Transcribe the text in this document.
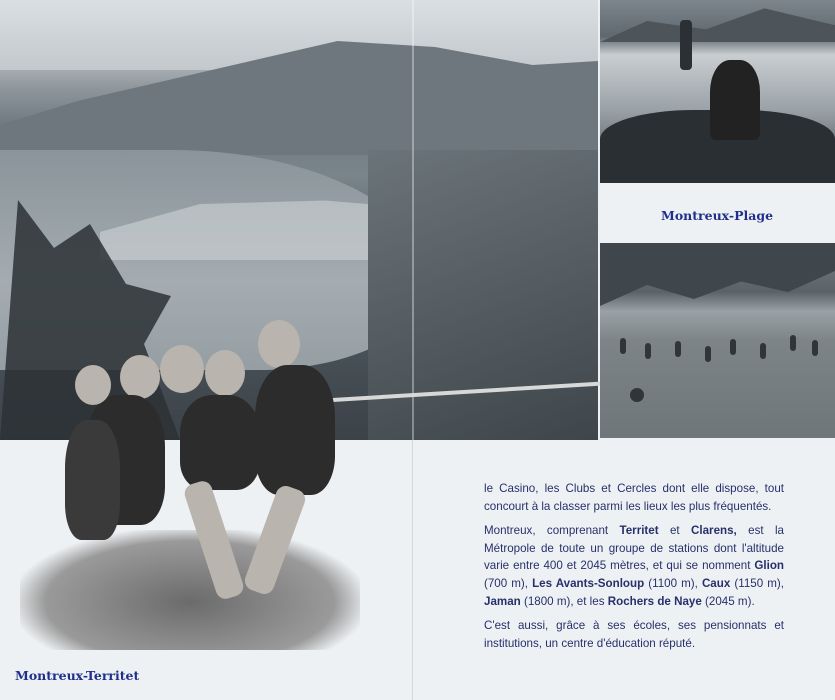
Montreux-Plage
Montreux-Territet

le Casino, les Clubs et Cercles dont elle dispose, tout concourt à la classer parmi les lieux les plus fréquentés.

Montreux, comprenant Territet et Clarens, est la Métropole de toute un groupe de stations dont l'altitude varie entre 400 et 2045 mètres, et qui se nomment Glion (700 m), Les Avants-Sonloup (1100 m), Caux (1150 m), Jaman (1800 m), et les Rochers de Naye (2045 m).

C'est aussi, grâce à ses écoles, ses pensionnats et institutions, un centre d'éducation réputé.
